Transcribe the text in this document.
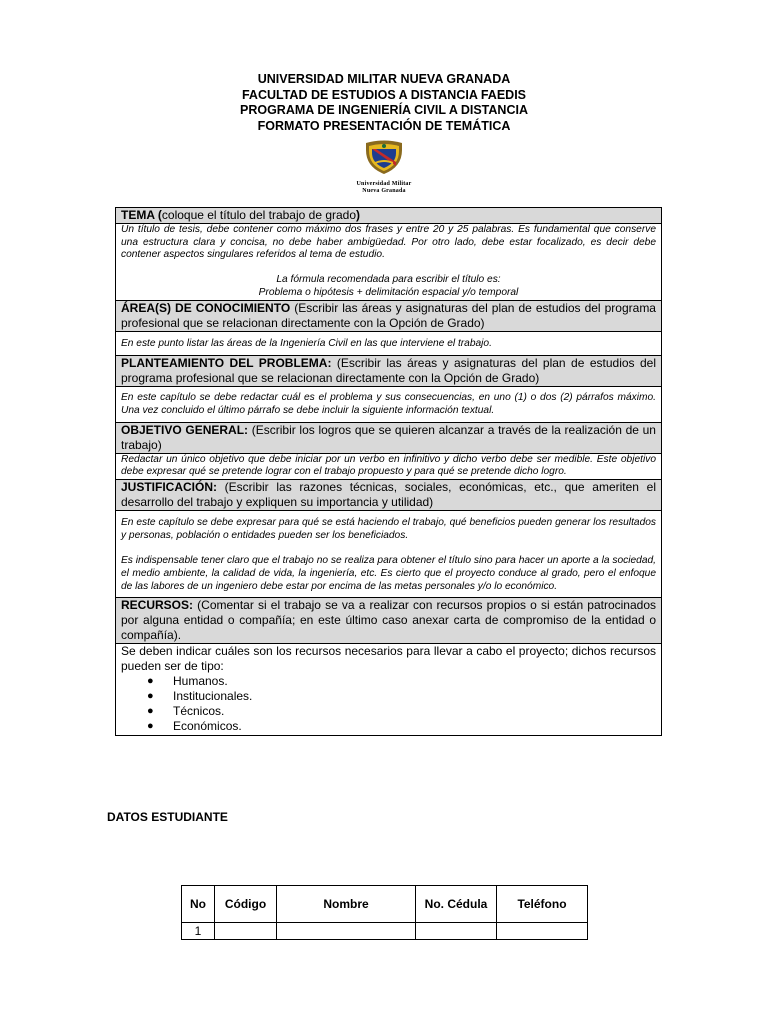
UNIVERSIDAD MILITAR NUEVA GRANADA
FACULTAD DE ESTUDIOS A DISTANCIA FAEDIS
PROGRAMA DE INGENIERÍA CIVIL A DISTANCIA
FORMATO PRESENTACIÓN DE TEMÁTICA
Universidad Militar
Nueva Granada
TEMA (coloque el título del trabajo de grado)

Un título de tesis, debe contener como máximo dos frases y entre 20 y 25 palabras. Es fundamental que conserve una estructura clara y concisa, no debe haber ambigüedad. Por otro lado, debe estar focalizado, es decir debe contener aspectos singulares referidos al tema de estudio.

La fórmula recomendada para escribir el título es:

Problema o hipótesis + delimitación espacial y/o temporal

ÁREA(S) DE CONOCIMIENTO (Escribir las áreas y asignaturas del plan de estudios del programa profesional que se relacionan directamente con la Opción de Grado)

En este punto listar las áreas de la Ingeniería Civil en las que interviene el trabajo.

PLANTEAMIENTO DEL PROBLEMA: (Escribir las áreas y asignaturas del plan de estudios del programa profesional que se relacionan directamente con la Opción de Grado)

En este capítulo se debe redactar cuál es el problema y sus consecuencias, en uno (1) o dos (2) párrafos máximo. Una vez concluido el último párrafo se debe incluir la siguiente información textual.

OBJETIVO GENERAL: (Escribir los logros que se quieren alcanzar a través de la realización de un trabajo)

Redactar un único objetivo que debe iniciar por un verbo en infinitivo y dicho verbo debe ser medible. Este objetivo debe expresar qué se pretende lograr con el trabajo propuesto y para qué se pretende dicho logro.

JUSTIFICACIÓN: (Escribir las razones técnicas, sociales, económicas, etc., que ameriten el desarrollo del trabajo y expliquen su importancia y utilidad)

En este capítulo se debe expresar para qué se está haciendo el trabajo, qué beneficios pueden generar los resultados y personas, población o entidades pueden ser los beneficiados.

Es indispensable tener claro que el trabajo no se realiza para obtener el título sino para hacer un aporte a la sociedad, el medio ambiente, la calidad de vida, la ingeniería, etc. Es cierto que el proyecto conduce al grado, pero el enfoque de las labores de un ingeniero debe estar por encima de las metas personales y/o lo económico.

RECURSOS: (Comentar si el trabajo se va a realizar con recursos propios o si están patrocinados por alguna entidad o compañía; en este último caso anexar carta de compromiso de la entidad o compañía).

Se deben indicar cuáles son los recursos necesarios para llevar a cabo el proyecto; dichos recursos pueden ser de tipo:
● Humanos.
● Institucionales.
● Técnicos.
● Económicos.
DATOS ESTUDIANTE
No	Código	Nombre	No. Cédula	Teléfono
1				
